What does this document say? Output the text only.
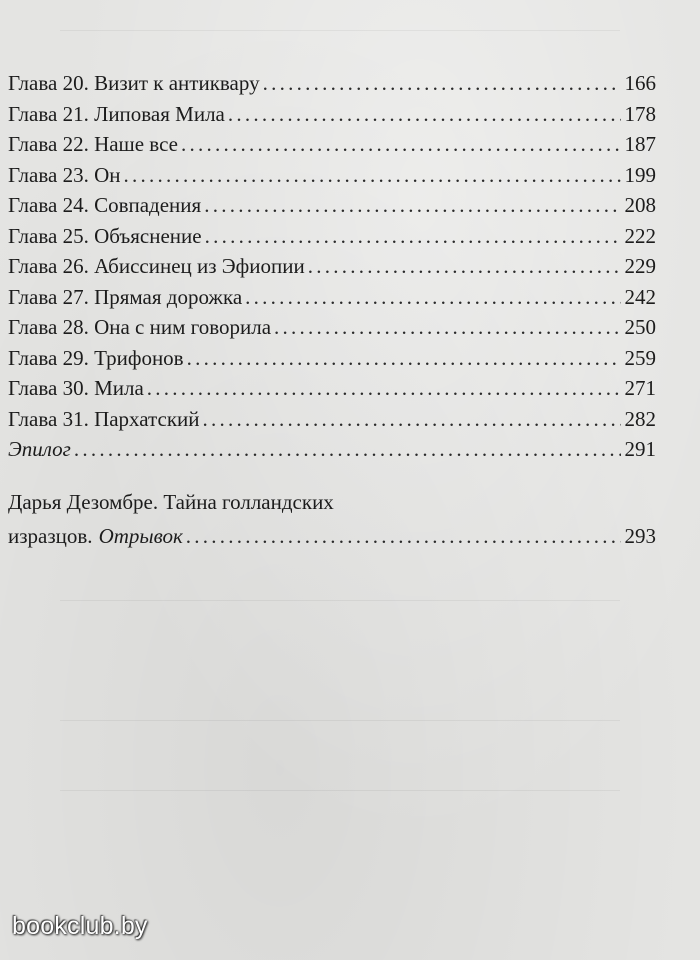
Глава 20. Визит к антиквару . . .	166
Глава 21. Липовая Мила . . .	178
Глава 22. Наше все . . .	187
Глава 23. Он . . .	199
Глава 24. Совпадения . . .	208
Глава 25. Объяснение . . .	222
Глава 26. Абиссинец из Эфиопии . . .	229
Глава 27. Прямая дорожка . . .	242
Глава 28. Она с ним говорила . . .	250
Глава 29. Трифонов . . .	259
Глава 30. Мила . . .	271
Глава 31. Пархатский . . .	282
Эпилог . . .	291
Дарья Дезомбре. Тайна голландских
изразцов. Отрывок . . .	293
bookclub.by
